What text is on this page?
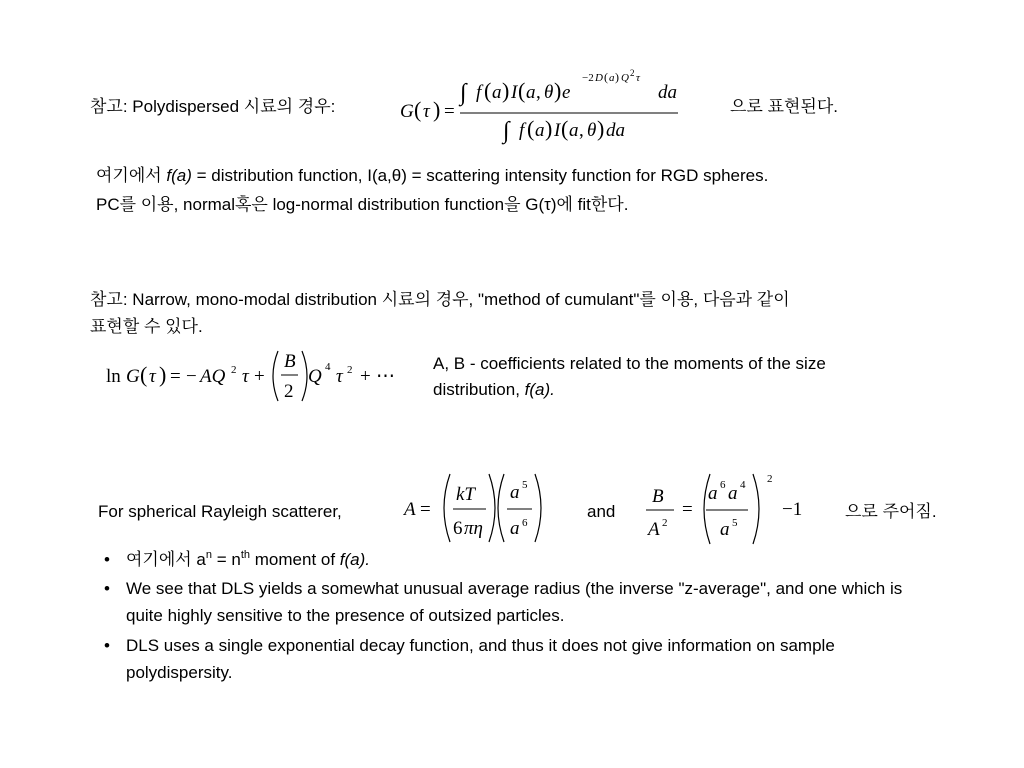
참고: Polydispersed 시료의 경우:	G ( τ ) =
∫ f ( a ) I ( a , θ ) e
−2 D ( a ) Q 2 τ
da
∫ f ( a ) I ( a , θ ) da
으로 표현된다.
여기에서 f(a) = distribution function, I(a,θ) = scattering intensity function for RGD spheres.
PC를 이용, normal혹은 log-normal distribution function을 G(τ)에 fit한다.
참고: Narrow, mono-modal distribution 시료의 경우, "method of cumulant"를 이용, 다음과 같이
표현할 수 있다.
ln G ( τ ) = − AQ 2 τ +
B
2
Q 4 τ 2 + ⋯
A, B - coefficients related to the moments of the size
distribution, f(a).
For spherical Rayleigh scatterer,	A =
kT
6 πη
a 5
a 6
and
B
A 2
=
a 6 a 4
a 5
2
−1	으로 주어짐.
• 여기에서 $a^n = n^{th}$ moment of f(a).
• We see that DLS yields a somewhat unusual average radius (the inverse "z-average", and one which is quite highly sensitive to the presence of outsized particles.
• DLS uses a single exponential decay function, and thus it does not give information on sample polydispersity.
